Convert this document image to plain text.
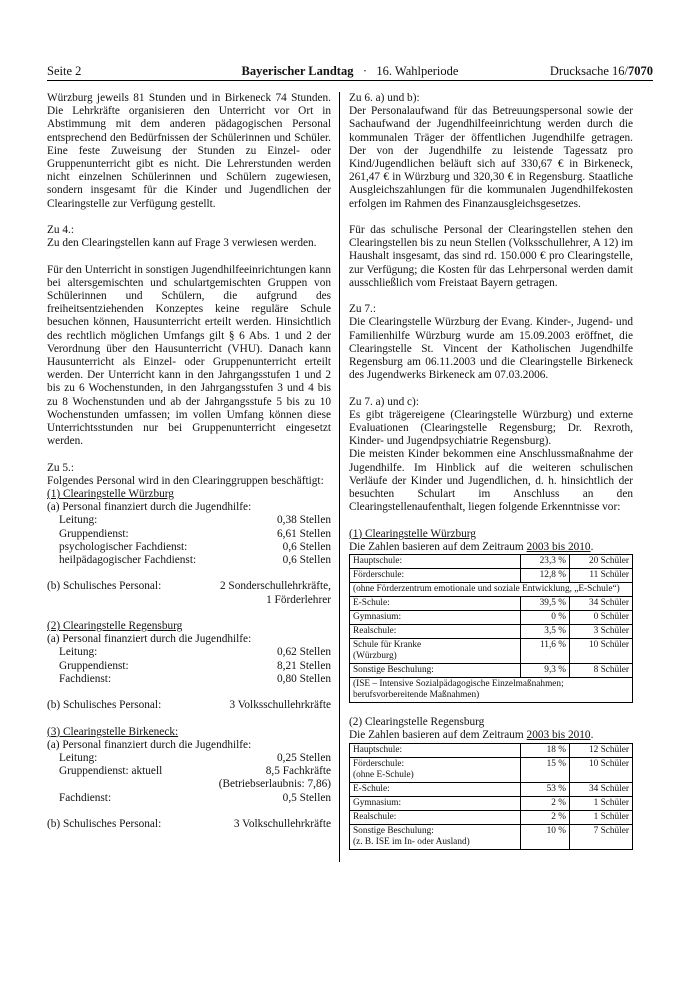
Seite 2	Bayerischer Landtag · 16. Wahlperiode	Drucksache 16/7070

Würzburg jeweils 81 Stunden und in Birkeneck 74 Stunden. Die Lehrkräfte organisieren den Unterricht vor Ort in Abstimmung mit dem anderen pädagogischen Personal entsprechend den Bedürfnissen der Schülerinnen und Schüler. Eine feste Zuweisung der Stunden zu Einzel- oder Gruppenunterricht gibt es nicht. Die Lehrerstunden werden nicht einzelnen Schülerinnen und Schülern zugewiesen, sondern insgesamt für die Kinder und Jugendlichen der Clearingstelle zur Verfügung gestellt.

Zu 4.:

Zu den Clearingstellen kann auf Frage 3 verwiesen werden.

Für den Unterricht in sonstigen Jugendhilfeeinrichtungen kann bei altersgemischten und schulartgemischten Gruppen von Schülerinnen und Schülern, die aufgrund des freiheitsentziehenden Konzeptes keine reguläre Schule besuchen können, Hausunterricht erteilt werden. Hinsichtlich des rechtlich möglichen Umfangs gilt § 6 Abs. 1 und 2 der Verordnung über den Hausunterricht (VHU). Danach kann Hausunterricht als Einzel- oder Gruppenunterricht erteilt werden. Der Unterricht kann in den Jahrgangsstufen 1 und 2 bis zu 6 Wochenstunden, in den Jahrgangsstufen 3 und 4 bis zu 8 Wochenstunden und ab der Jahrgangsstufe 5 bis zu 10 Wochenstunden umfassen; im vollen Umfang können diese Unterrichtsstunden nur bei Gruppenunterricht eingesetzt werden.

Zu 5.:

Folgendes Personal wird in den Clearinggruppen beschäftigt:

(1) Clearingstelle Würzburg

(a) Personal finanziert durch die Jugendhilfe:

Leitung:	0,38 Stellen
Gruppendienst:	6,61 Stellen
psychologischer Fachdienst:	0,6 Stellen
heilpädagogischer Fachdienst:	0,6 Stellen
(b) Schulisches Personal:	2 Sonderschullehrkräfte,
1 Förderlehrer

(2) Clearingstelle Regensburg

(a) Personal finanziert durch die Jugendhilfe:

Leitung:	0,62 Stellen
Gruppendienst:	8,21 Stellen
Fachdienst:	0,80 Stellen
(b) Schulisches Personal:	3 Volksschullehrkräfte

(3) Clearingstelle Birkeneck:

(a) Personal finanziert durch die Jugendhilfe:

Leitung:	0,25 Stellen
Gruppendienst: aktuell	8,5 Fachkräfte
(Betriebserlaubnis: 7,86)
Fachdienst:	0,5 Stellen
(b) Schulisches Personal:	3 Volkschullehrkräfte

Zu 6. a) und b):

Der Personalaufwand für das Betreuungspersonal sowie der Sachaufwand der Jugendhilfeeinrichtung werden durch die kommunalen Träger der öffentlichen Jugendhilfe getragen. Der von der Jugendhilfe zu leistende Tagessatz pro Kind/Jugendlichen beläuft sich auf 330,67 € in Birkeneck, 261,47 € in Würzburg und 320,30 € in Regensburg. Staatliche Ausgleichszahlungen für die kommunalen Jugendhilfekosten erfolgen im Rahmen des Finanzausgleichsgesetzes.

Für das schulische Personal der Clearingstellen stehen den Clearingstellen bis zu neun Stellen (Volksschullehrer, A 12) im Haushalt insgesamt, das sind rd. 150.000 € pro Clearingstelle, zur Verfügung; die Kosten für das Lehrpersonal werden damit ausschließlich vom Freistaat Bayern getragen.

Zu 7.:

Die Clearingstelle Würzburg der Evang. Kinder-, Jugend- und Familienhilfe Würzburg wurde am 15.09.2003 eröffnet, die Clearingstelle St. Vincent der Katholischen Jugendhilfe Regensburg am 06.11.2003 und die Clearingstelle Birkeneck des Jugendwerks Birkeneck am 07.03.2006.

Zu 7. a) und c):

Es gibt trägereigene (Clearingstelle Würzburg) und externe Evaluationen (Clearingstelle Regensburg; Dr. Rexroth, Kinder- und Jugendpsychiatrie Regensburg).

Die meisten Kinder bekommen eine Anschlussmaßnahme der Jugendhilfe. Im Hinblick auf die weiteren schulischen Verläufe der Kinder und Jugendlichen, d. h. hinsichtlich der besuchten Schulart im Anschluss an den Clearingstellenaufenthalt, liegen folgende Erkenntnisse vor:

(1) Clearingstelle Würzburg

Die Zahlen basieren auf dem Zeitraum 2003 bis 2010.

Hauptschule:	23,3 %	20 Schüler
Förderschule:	12,8 %	11 Schüler
(ohne Förderzentrum emotionale und soziale Entwicklung, „E-Schule“)		
E-Schule:	39,5 %	34 Schüler
Gymnasium:	0 %	0 Schüler
Realschule:	3,5 %	3 Schüler
Schule für Kranke
(Würzburg)	11,6 %	10 Schüler
Sonstige Beschulung:	9,3 %	8 Schüler
(ISE – Intensive Sozialpädagogische Einzelmaßnahmen; berufsvorbereitende Maßnahmen)		

(2) Clearingstelle Regensburg

Die Zahlen basieren auf dem Zeitraum 2003 bis 2010.

Hauptschule:	18 %	12 Schüler
Förderschule:
(ohne E-Schule)	15 %	10 Schüler
E-Schule:	53 %	34 Schüler
Gymnasium:	2 %	1 Schüler
Realschule:	2 %	1 Schüler
Sonstige Beschulung:
(z. B. ISE im In- oder Ausland)	10 %	7 Schüler
